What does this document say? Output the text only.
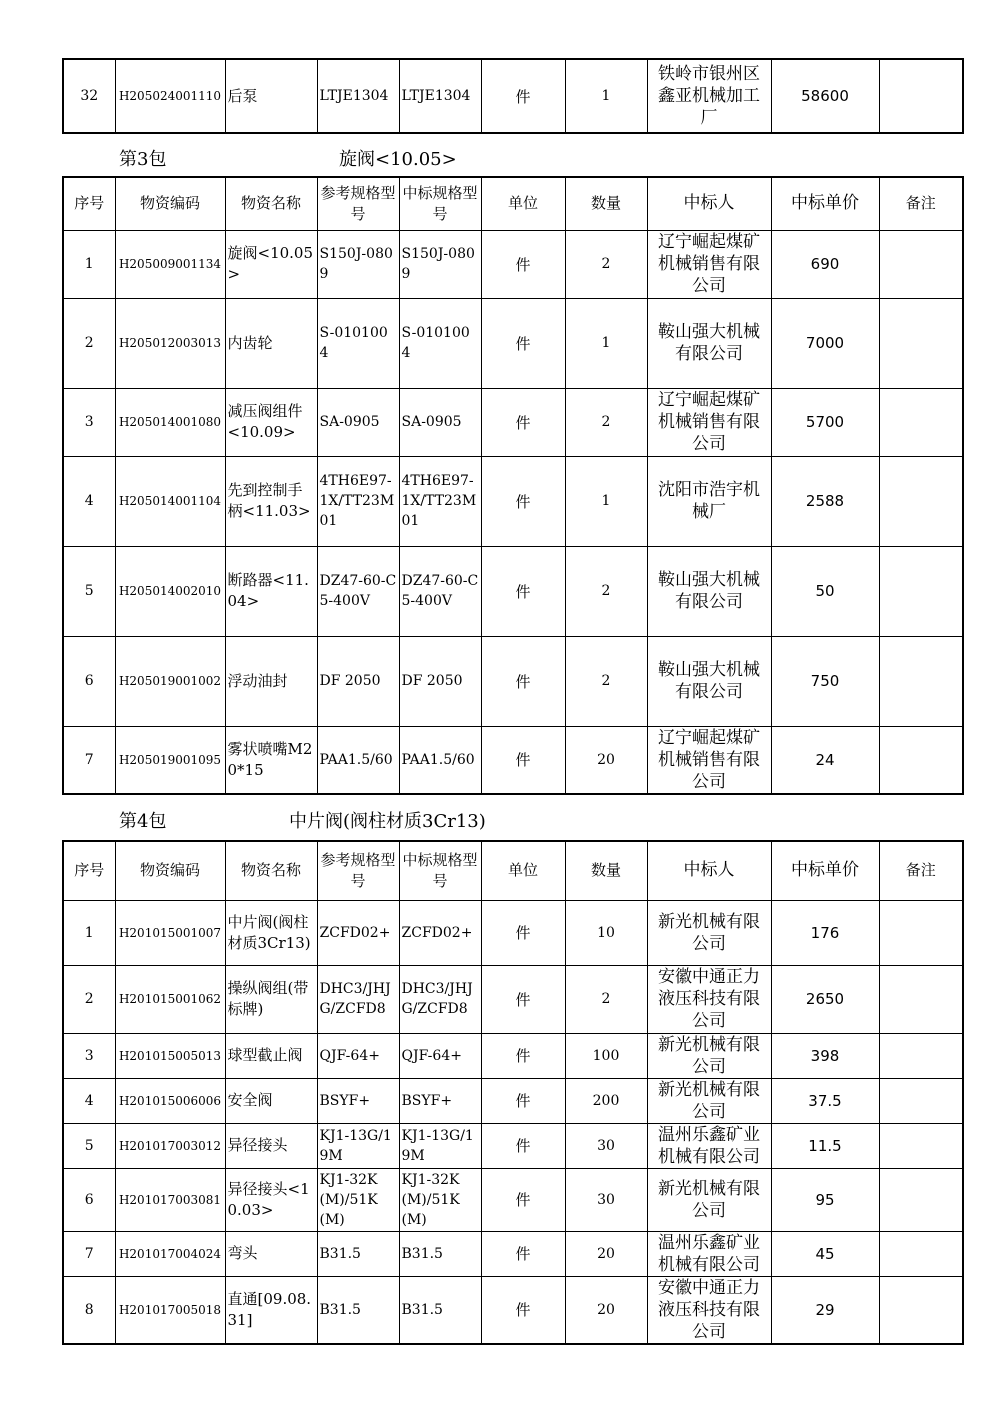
32	H205024001110	后泵	LTJE1304	LTJE1304	件	1	铁岭市银州区鑫亚机械加工厂	58600	
第3包	旋阀<10.05>
序号	物资编码	物资名称	参考规格型号	中标规格型号	单位	数量	中标人	中标单价	备注
1	H205009001134	旋阀<10.05>	S150J-0809	S150J-0809	件	2	辽宁崛起煤矿机械销售有限公司	690	
2	H205012003013	内齿轮	S-0101004	S-0101004	件	1	鞍山强大机械有限公司	7000	
3	H205014001080	减压阀组件<10.09>	SA-0905	SA-0905	件	2	辽宁崛起煤矿机械销售有限公司	5700	
4	H205014001104	先到控制手柄<11.03>	4TH6E97-1X/TT23M01	4TH6E97-1X/TT23M01	件	1	沈阳市浩宇机械厂	2588	
5	H205014002010	断路器<11.04>	DZ47-60-C5-400V	DZ47-60-C5-400V	件	2	鞍山强大机械有限公司	50	
6	H205019001002	浮动油封	DF 2050	DF 2050	件	2	鞍山强大机械有限公司	750	
7	H205019001095	雾状喷嘴M20*15	PAA1.5/60	PAA1.5/60	件	20	辽宁崛起煤矿机械销售有限公司	24	
第4包	中片阀(阀柱材质3Cr13)
序号	物资编码	物资名称	参考规格型号	中标规格型号	单位	数量	中标人	中标单价	备注
1	H201015001007	中片阀(阀柱材质3Cr13)	ZCFD02+	ZCFD02+	件	10	新光机械有限公司	176	
2	H201015001062	操纵阀组(带标牌)	DHC3/JHJG/ZCFD8	DHC3/JHJG/ZCFD8	件	2	安徽中通正力液压科技有限公司	2650	
3	H201015005013	球型截止阀	QJF-64+	QJF-64+	件	100	新光机械有限公司	398	
4	H201015006006	安全阀	BSYF+	BSYF+	件	200	新光机械有限公司	37.5	
5	H201017003012	异径接头	KJ1-13G/19M	KJ1-13G/19M	件	30	温州乐鑫矿业机械有限公司	11.5	
6	H201017003081	异径接头<10.03>	KJ1-32K(M)/51K(M)	KJ1-32K(M)/51K(M)	件	30	新光机械有限公司	95	
7	H201017004024	弯头	B31.5	B31.5	件	20	温州乐鑫矿业机械有限公司	45	
8	H201017005018	直通[09.08.31]	B31.5	B31.5	件	20	安徽中通正力液压科技有限公司	29	
